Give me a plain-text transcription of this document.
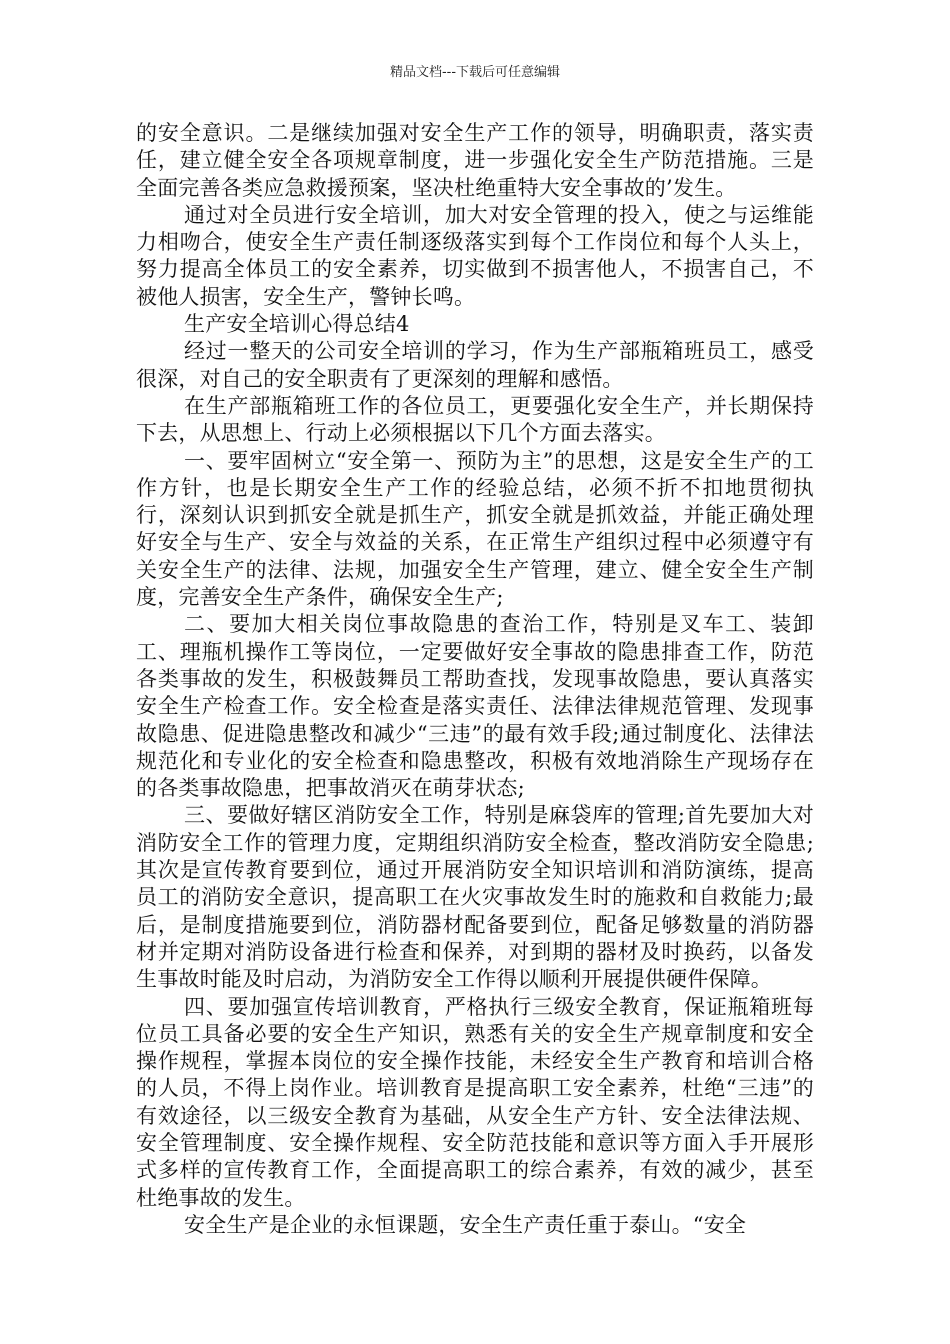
精品文档---下载后可任意编辑

的安全意识。二是继续加强对安全生产工作的领导，明确职责，落实责任，建立健全安全各项规章制度，进一步强化安全生产防范措施。三是全面完善各类应急救援预案，坚决杜绝重特大安全事故的’发生。

通过对全员进行安全培训，加大对安全管理的投入，使之与运维能力相吻合，使安全生产责任制逐级落实到每个工作岗位和每个人头上，努力提高全体员工的安全素养，切实做到不损害他人，不损害自己，不被他人损害，安全生产，警钟长鸣。

生产安全培训心得总结4

经过一整天的公司安全培训的学习，作为生产部瓶箱班员工，感受很深，对自己的安全职责有了更深刻的理解和感悟。

在生产部瓶箱班工作的各位员工，更要强化安全生产，并长期保持下去，从思想上、行动上必须根据以下几个方面去落实。

一、要牢固树立“安全第一、预防为主”的思想，这是安全生产的工作方针，也是长期安全生产工作的经验总结，必须不折不扣地贯彻执行，深刻认识到抓安全就是抓生产，抓安全就是抓效益，并能正确处理好安全与生产、安全与效益的关系，在正常生产组织过程中必须遵守有关安全生产的法律、法规，加强安全生产管理，建立、健全安全生产制度，完善安全生产条件，确保安全生产;

二、要加大相关岗位事故隐患的查治工作，特别是叉车工、装卸工、理瓶机操作工等岗位，一定要做好安全事故的隐患排查工作，防范各类事故的发生，积极鼓舞员工帮助查找，发现事故隐患，要认真落实安全生产检查工作。安全检查是落实责任、法律法律规范管理、发现事故隐患、促进隐患整改和减少“三违”的最有效手段;通过制度化、法律法规范化和专业化的安全检查和隐患整改，积极有效地消除生产现场存在的各类事故隐患，把事故消灭在萌芽状态;

三、要做好辖区消防安全工作，特别是麻袋库的管理;首先要加大对消防安全工作的管理力度，定期组织消防安全检查，整改消防安全隐患;其次是宣传教育要到位，通过开展消防安全知识培训和消防演练，提高员工的消防安全意识，提高职工在火灾事故发生时的施救和自救能力;最后，是制度措施要到位，消防器材配备要到位，配备足够数量的消防器材并定期对消防设备进行检查和保养，对到期的器材及时换药，以备发生事故时能及时启动，为消防安全工作得以顺利开展提供硬件保障。

四、要加强宣传培训教育，严格执行三级安全教育，保证瓶箱班每位员工具备必要的安全生产知识，熟悉有关的安全生产规章制度和安全操作规程，掌握本岗位的安全操作技能，未经安全生产教育和培训合格的人员，不得上岗作业。培训教育是提高职工安全素养，杜绝“三违”的有效途径，以三级安全教育为基础，从安全生产方针、安全法律法规、安全管理制度、安全操作规程、安全防范技能和意识等方面入手开展形式多样的宣传教育工作，全面提高职工的综合素养，有效的减少，甚至杜绝事故的发生。

安全生产是企业的永恒课题，安全生产责任重于泰山。“安全
